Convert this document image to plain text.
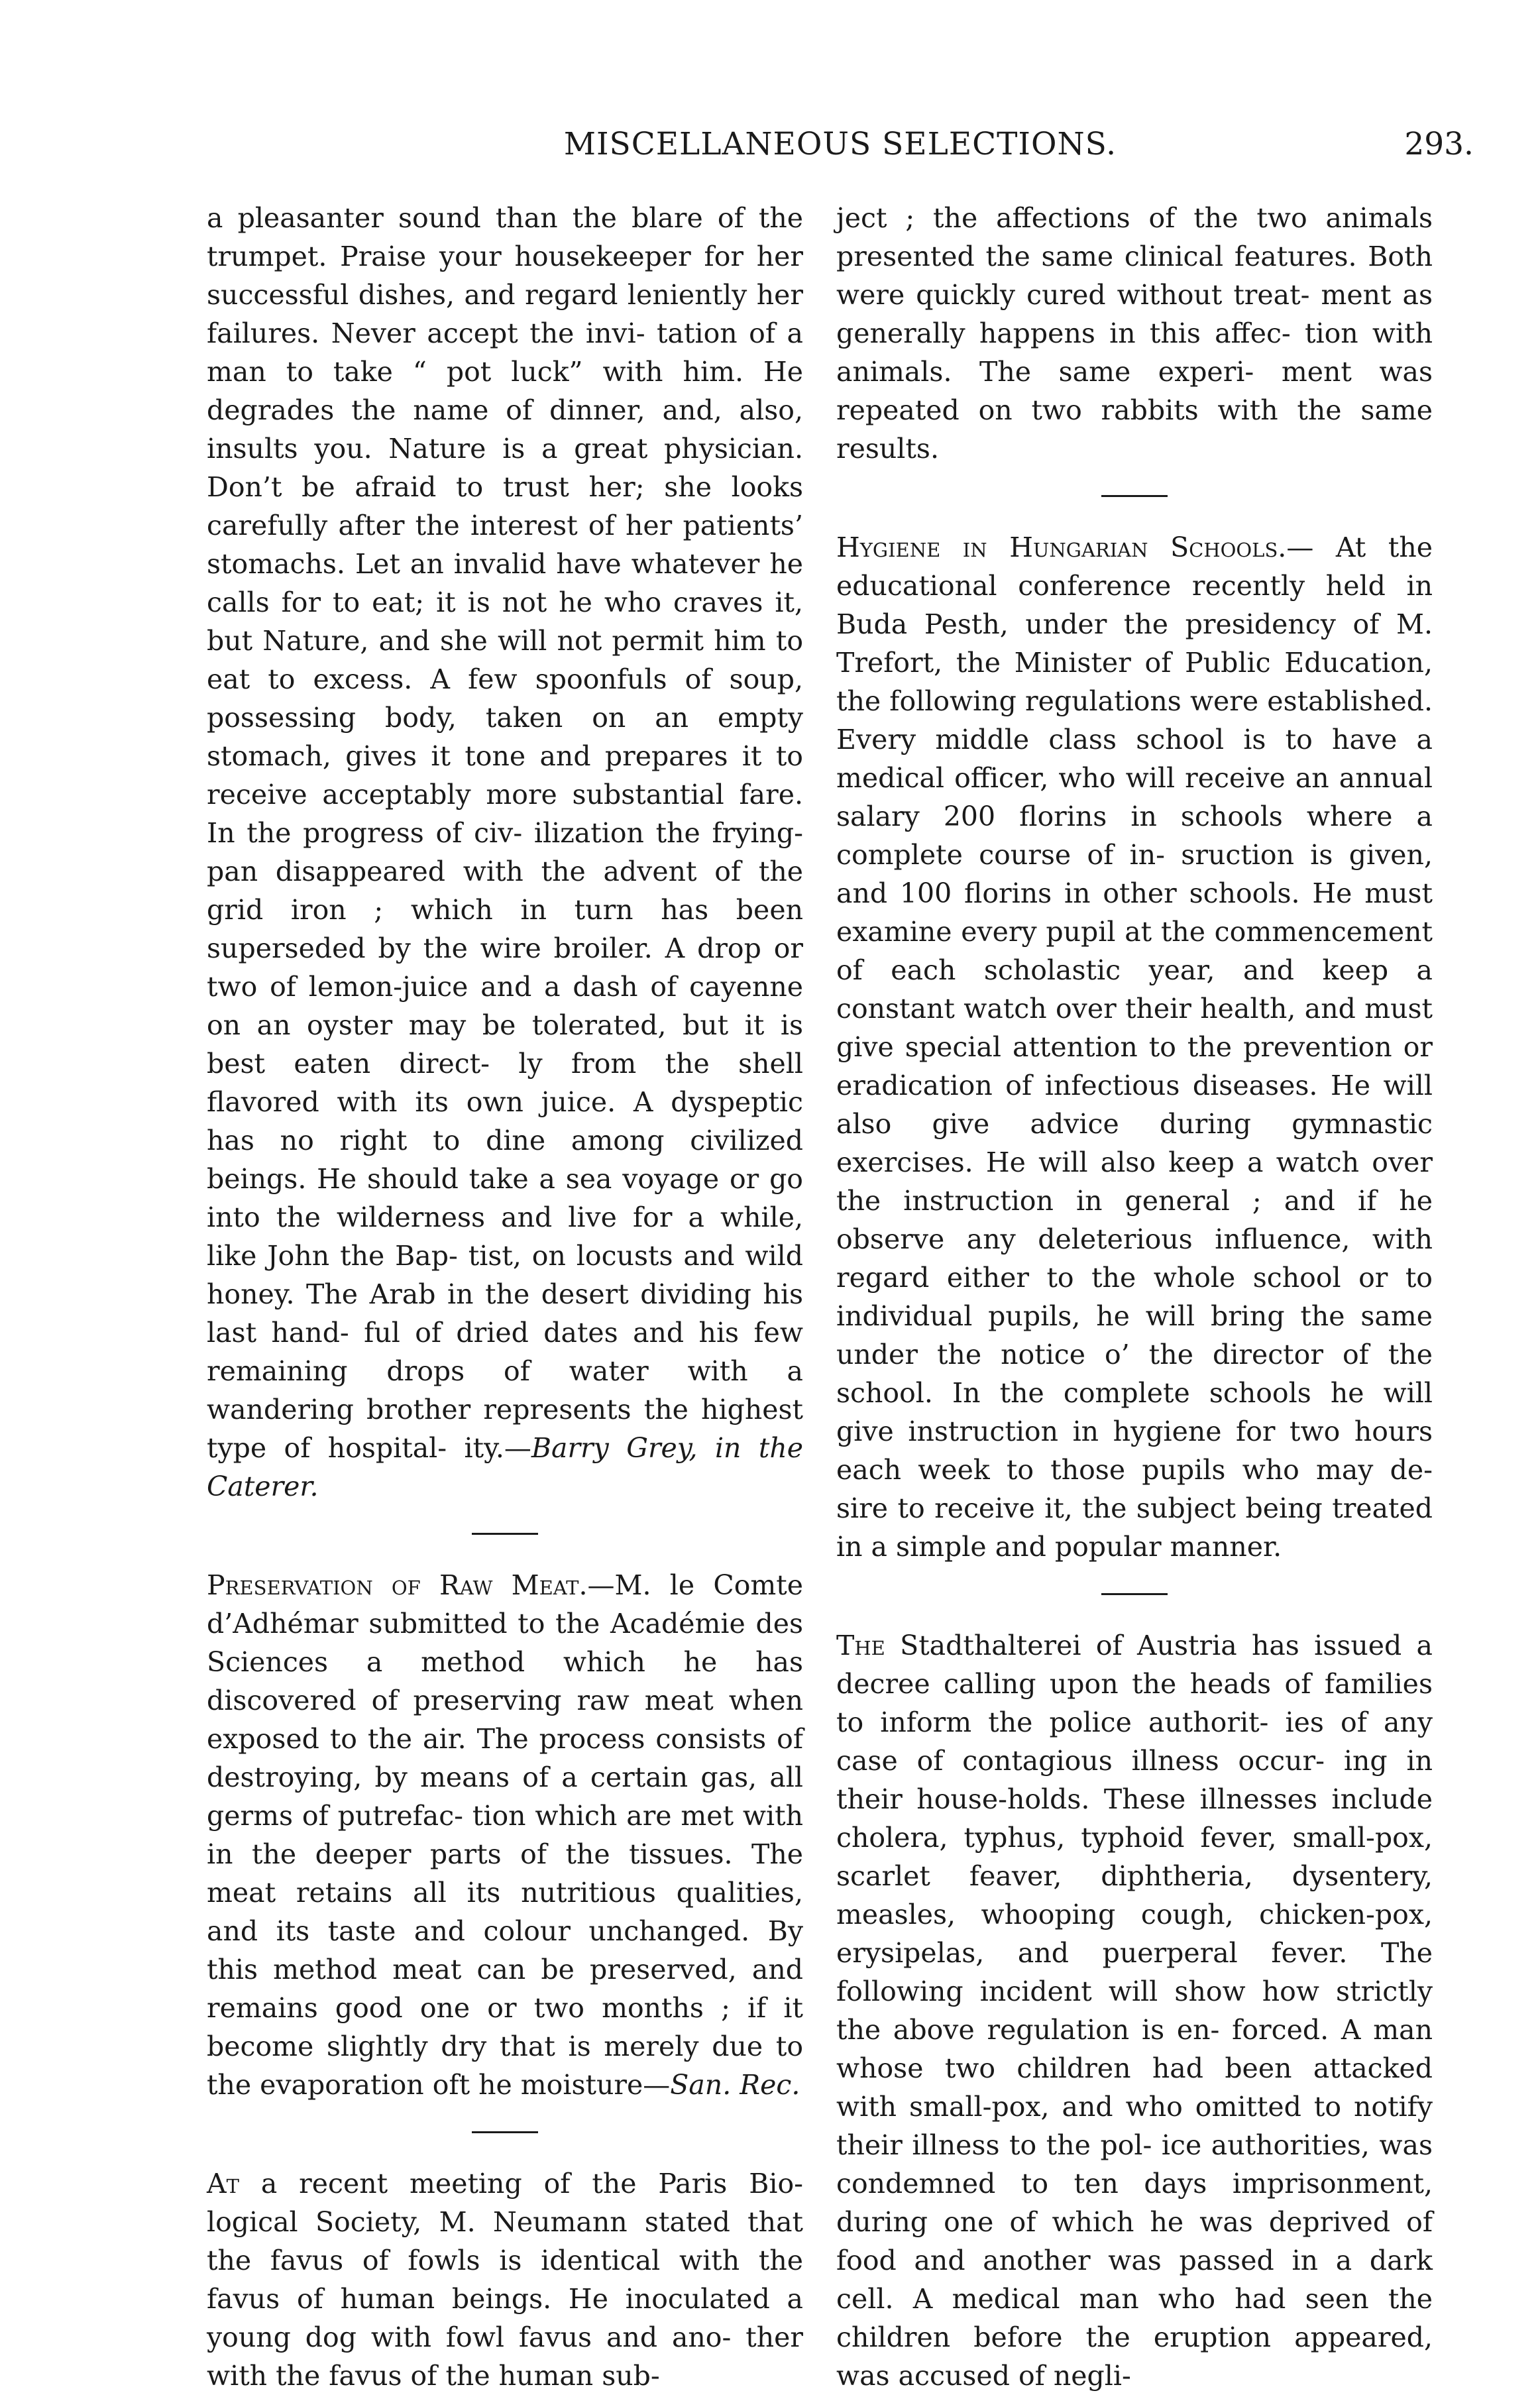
MISCELLANEOUS SELECTIONS.	293.

a pleasanter sound than the blare of the trumpet. Praise your housekeeper for her successful dishes, and regard leniently her failures. Never accept the invi- tation of a man to take “ pot luck” with him. He degrades the name of dinner, and, also, insults you. Nature is a great physician. Don’t be afraid to trust her; she looks carefully after the interest of her patients’ stomachs. Let an invalid have whatever he calls for to eat; it is not he who craves it, but Nature, and she will not permit him to eat to excess. A few spoonfuls of soup, possessing body, taken on an empty stomach, gives it tone and prepares it to receive acceptably more substantial fare. In the progress of civ- ilization the frying-pan disappeared with the advent of the grid iron ; which in turn has been superseded by the wire broiler. A drop or two of lemon-juice and a dash of cayenne on an oyster may be tolerated, but it is best eaten direct- ly from the shell flavored with its own juice. A dyspeptic has no right to dine among civilized beings. He should take a sea voyage or go into the wilderness and live for a while, like John the Bap- tist, on locusts and wild honey. The Arab in the desert dividing his last hand- ful of dried dates and his few remaining drops of water with a wandering brother represents the highest type of hospital- ity.—Barry Grey, in the Caterer.

Preservation of Raw Meat.—M. le Comte d’Adhémar submitted to the Académie des Sciences a method which he has discovered of preserving raw meat when exposed to the air. The process consists of destroying, by means of a certain gas, all germs of putrefac- tion which are met with in the deeper parts of the tissues. The meat retains all its nutritious qualities, and its taste and colour unchanged. By this method meat can be preserved, and remains good one or two months ; if it become slightly dry that is merely due to the evaporation oft he moisture—San. Rec.

At a recent meeting of the Paris Bio- logical Society, M. Neumann stated that the favus of fowls is identical with the favus of human beings. He inoculated a young dog with fowl favus and ano- ther with the favus of the human sub-

ject ; the affections of the two animals presented the same clinical features. Both were quickly cured without treat- ment as generally happens in this affec- tion with animals. The same experi- ment was repeated on two rabbits with the same results.

Hygiene in Hungarian Schools.— At the educational conference recently held in Buda Pesth, under the presidency of M. Trefort, the Minister of Public Education, the following regulations were established. Every middle class school is to have a medical officer, who will receive an annual salary 200 florins in schools where a complete course of in- sruction is given, and 100 florins in other schools. He must examine every pupil at the commencement of each scholastic year, and keep a constant watch over their health, and must give special attention to the prevention or eradication of infectious diseases. He will also give advice during gymnastic exercises. He will also keep a watch over the instruction in general ; and if he observe any deleterious influence, with regard either to the whole school or to individual pupils, he will bring the same under the notice o’ the director of the school. In the complete schools he will give instruction in hygiene for two hours each week to those pupils who may de- sire to receive it, the subject being treated in a simple and popular manner.

The Stadthalterei of Austria has issued a decree calling upon the heads of families to inform the police authorit- ies of any case of contagious illness occur- ing in their house-holds. These illnesses include cholera, typhus, typhoid fever, small-pox, scarlet feaver, diphtheria, dysentery, measles, whooping cough, chicken-pox, erysipelas, and puerperal fever. The following incident will show how strictly the above regulation is en- forced. A man whose two children had been attacked with small-pox, and who omitted to notify their illness to the pol- ice authorities, was condemned to ten days imprisonment, during one of which he was deprived of food and another was passed in a dark cell. A medical man who had seen the children before the eruption appeared, was accused of negli-
